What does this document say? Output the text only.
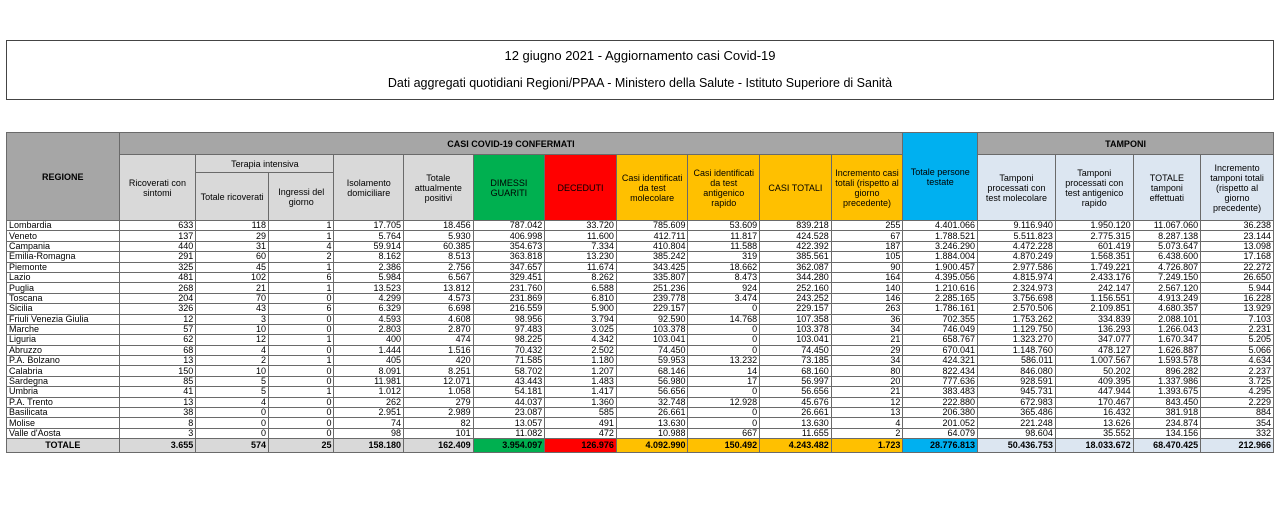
12 giugno 2021 - Aggiornamento casi Covid-19
Dati aggregati quotidiani Regioni/PPAA - Ministero della Salute - Istituto Superiore di Sanità
REGIONE	CASI COVID-19 CONFERMATI											Totale persone testate	TAMPONI			
	Ricoverati con sintomi	Terapia intensiva		Isolamento domiciliare	Totale attualmente positivi	DIMESSI GUARITI	DECEDUTI	Casi identificati da test molecolare	Casi identificati da test antigenico rapido	CASI TOTALI	Incremento casi totali (rispetto al giorno precedente)		Tamponi processati con test molecolare	Tamponi processati con test antigenico rapido	TOTALE tamponi effettuati	Incremento tamponi totali (rispetto al giorno precedente)
		Totale ricoverati	Ingressi del giorno													
Lombardia	633	118	1	17.705	18.456	787.042	33.720	785.609	53.609	839.218	255	4.401.066	9.116.940	1.950.120	11.067.060	36.238
Veneto	137	29	1	5.764	5.930	406.998	11.600	412.711	11.817	424.528	67	1.788.521	5.511.823	2.775.315	8.287.138	23.144
Campania	440	31	4	59.914	60.385	354.673	7.334	410.804	11.588	422.392	187	3.246.290	4.472.228	601.419	5.073.647	13.098
Emilia-Romagna	291	60	2	8.162	8.513	363.818	13.230	385.242	319	385.561	105	1.884.004	4.870.249	1.568.351	6.438.600	17.168
Piemonte	325	45	1	2.386	2.756	347.657	11.674	343.425	18.662	362.087	90	1.900.457	2.977.586	1.749.221	4.726.807	22.272
Lazio	481	102	6	5.984	6.567	329.451	8.262	335.807	8.473	344.280	164	4.395.056	4.815.974	2.433.176	7.249.150	26.650
Puglia	268	21	1	13.523	13.812	231.760	6.588	251.236	924	252.160	140	1.210.616	2.324.973	242.147	2.567.120	5.944
Toscana	204	70	0	4.299	4.573	231.869	6.810	239.778	3.474	243.252	146	2.285.165	3.756.698	1.156.551	4.913.249	16.228
Sicilia	326	43	6	6.329	6.698	216.559	5.900	229.157	0	229.157	263	1.786.161	2.570.506	2.109.851	4.680.357	13.929
Friuli Venezia Giulia	12	3	0	4.593	4.608	98.956	3.794	92.590	14.768	107.358	36	702.355	1.753.262	334.839	2.088.101	7.103
Marche	57	10	0	2.803	2.870	97.483	3.025	103.378	0	103.378	34	746.049	1.129.750	136.293	1.266.043	2.231
Liguria	62	12	1	400	474	98.225	4.342	103.041	0	103.041	21	658.767	1.323.270	347.077	1.670.347	5.205
Abruzzo	68	4	0	1.444	1.516	70.432	2.502	74.450	0	74.450	29	670.041	1.148.760	478.127	1.626.887	5.066
P.A. Bolzano	13	2	1	405	420	71.585	1.180	59.953	13.232	73.185	34	424.321	586.011	1.007.567	1.593.578	4.634
Calabria	150	10	0	8.091	8.251	58.702	1.207	68.146	14	68.160	80	822.434	846.080	50.202	896.282	2.237
Sardegna	85	5	0	11.981	12.071	43.443	1.483	56.980	17	56.997	20	777.636	928.591	409.395	1.337.986	3.725
Umbria	41	5	1	1.012	1.058	54.181	1.417	56.656	0	56.656	21	383.483	945.731	447.944	1.393.675	4.295
P.A. Trento	13	4	0	262	279	44.037	1.360	32.748	12.928	45.676	12	222.880	672.983	170.467	843.450	2.229
Basilicata	38	0	0	2.951	2.989	23.087	585	26.661	0	26.661	13	206.380	365.486	16.432	381.918	884
Molise	8	0	0	74	82	13.057	491	13.630	0	13.630	4	201.052	221.248	13.626	234.874	354
Valle d'Aosta	3	0	0	98	101	11.082	472	10.988	667	11.655	2	64.079	98.604	35.552	134.156	332
TOTALE	3.655	574	25	158.180	162.409	3.954.097	126.976	4.092.990	150.492	4.243.482	1.723	28.776.813	50.436.753	18.033.672	68.470.425	212.966
